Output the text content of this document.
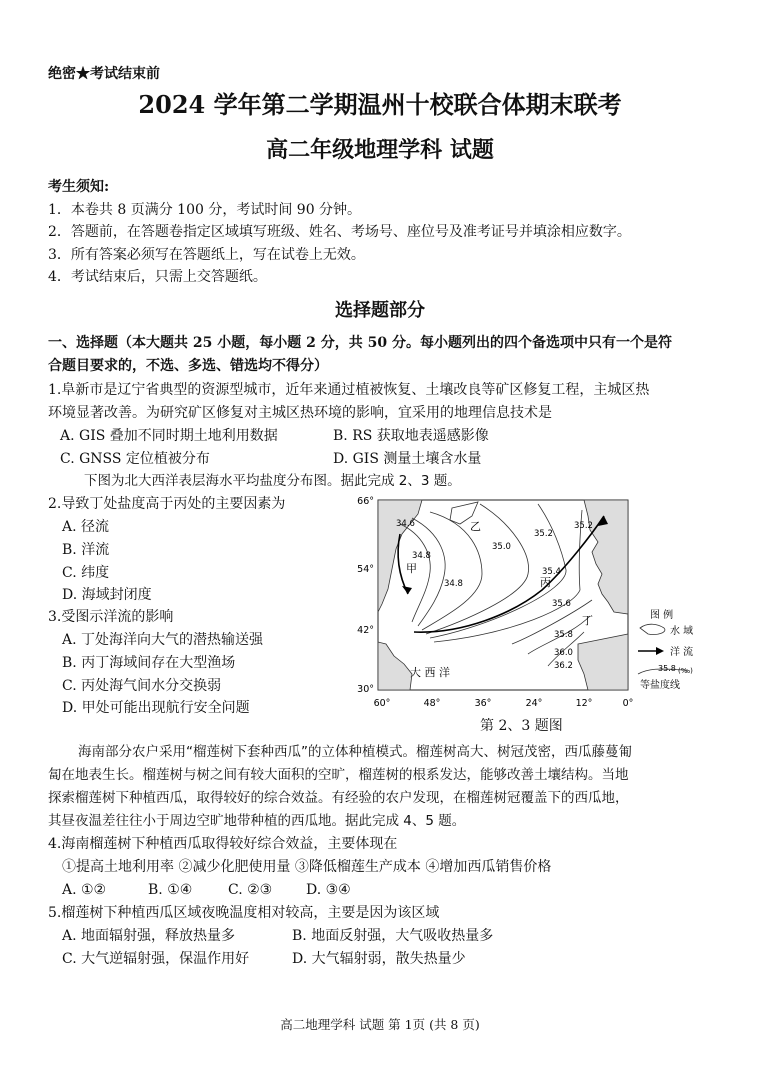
绝密★考试结束前
2024 学年第二学期温州十校联合体期末联考
高二年级地理学科 试题
考生须知:
1．本卷共 8 页满分 100 分，考试时间 90 分钟。
2．答题前，在答题卷指定区域填写班级、姓名、考场号、座位号及准考证号并填涂相应数字。
3．所有答案必须写在答题纸上，写在试卷上无效。
4．考试结束后，只需上交答题纸。
选择题部分
一、选择题（本大题共 25 小题，每小题 2 分，共 50 分。每小题列出的四个备选项中只有一个是符
合题目要求的，不选、多选、错选均不得分）
1.阜新市是辽宁省典型的资源型城市，近年来通过植被恢复、土壤改良等矿区修复工程，主城区热
环境显著改善。为研究矿区修复对主城区热环境的影响，宜采用的地理信息技术是
A. GIS 叠加不同时期土地利用数据	B. RS 获取地表遥感影像
C. GNSS 定位植被分布	D. GIS 测量土壤含水量
下图为北大西洋表层海水平均盐度分布图。据此完成 2、3 题。
2.导致丁处盐度高于丙处的主要因素为
A. 径流
B. 洋流
C. 纬度
D. 海域封闭度
3.受图示洋流的影响
A. 丁处海洋向大气的潜热输送强
B. 丙丁海域间存在大型渔场
C. 丙处海气间水分交换弱
D. 甲处可能出现航行安全问题
66°
54°
42°
30°
60°	48°	36°	24°	12°	0°
甲
乙
丙
丁
大 西 洋
34.6
34.8
35.0
35.2
35.2
34.8
35.4
35.6
35.8
36.0
36.2
图 例
水 域
洋 流
35.8 (‰)
等盐度线
第 2、3 题图
海南部分农户采用“榴莲树下套种西瓜”的立体种植模式。榴莲树高大、树冠茂密，西瓜藤蔓匍
匐在地表生长。榴莲树与树之间有较大面积的空旷，榴莲树的根系发达，能够改善土壤结构。当地
探索榴莲树下种植西瓜，取得较好的综合效益。有经验的农户发现，在榴莲树冠覆盖下的西瓜地，
其昼夜温差往往小于周边空旷地带种植的西瓜地。据此完成 4、5 题。
4.海南榴莲树下种植西瓜取得较好综合效益，主要体现在
①提高土地利用率 ②减少化肥使用量 ③降低榴莲生产成本 ④增加西瓜销售价格
A. ①②	B. ①④	C. ②③ D. ③④
5.榴莲树下种植西瓜区域夜晚温度相对较高，主要是因为该区域
A. 地面辐射强，释放热量多	B. 地面反射强，大气吸收热量多
C. 大气逆辐射强，保温作用好	D. 大气辐射弱，散失热量少
高二地理学科 试题 第 1页 (共 8 页)
